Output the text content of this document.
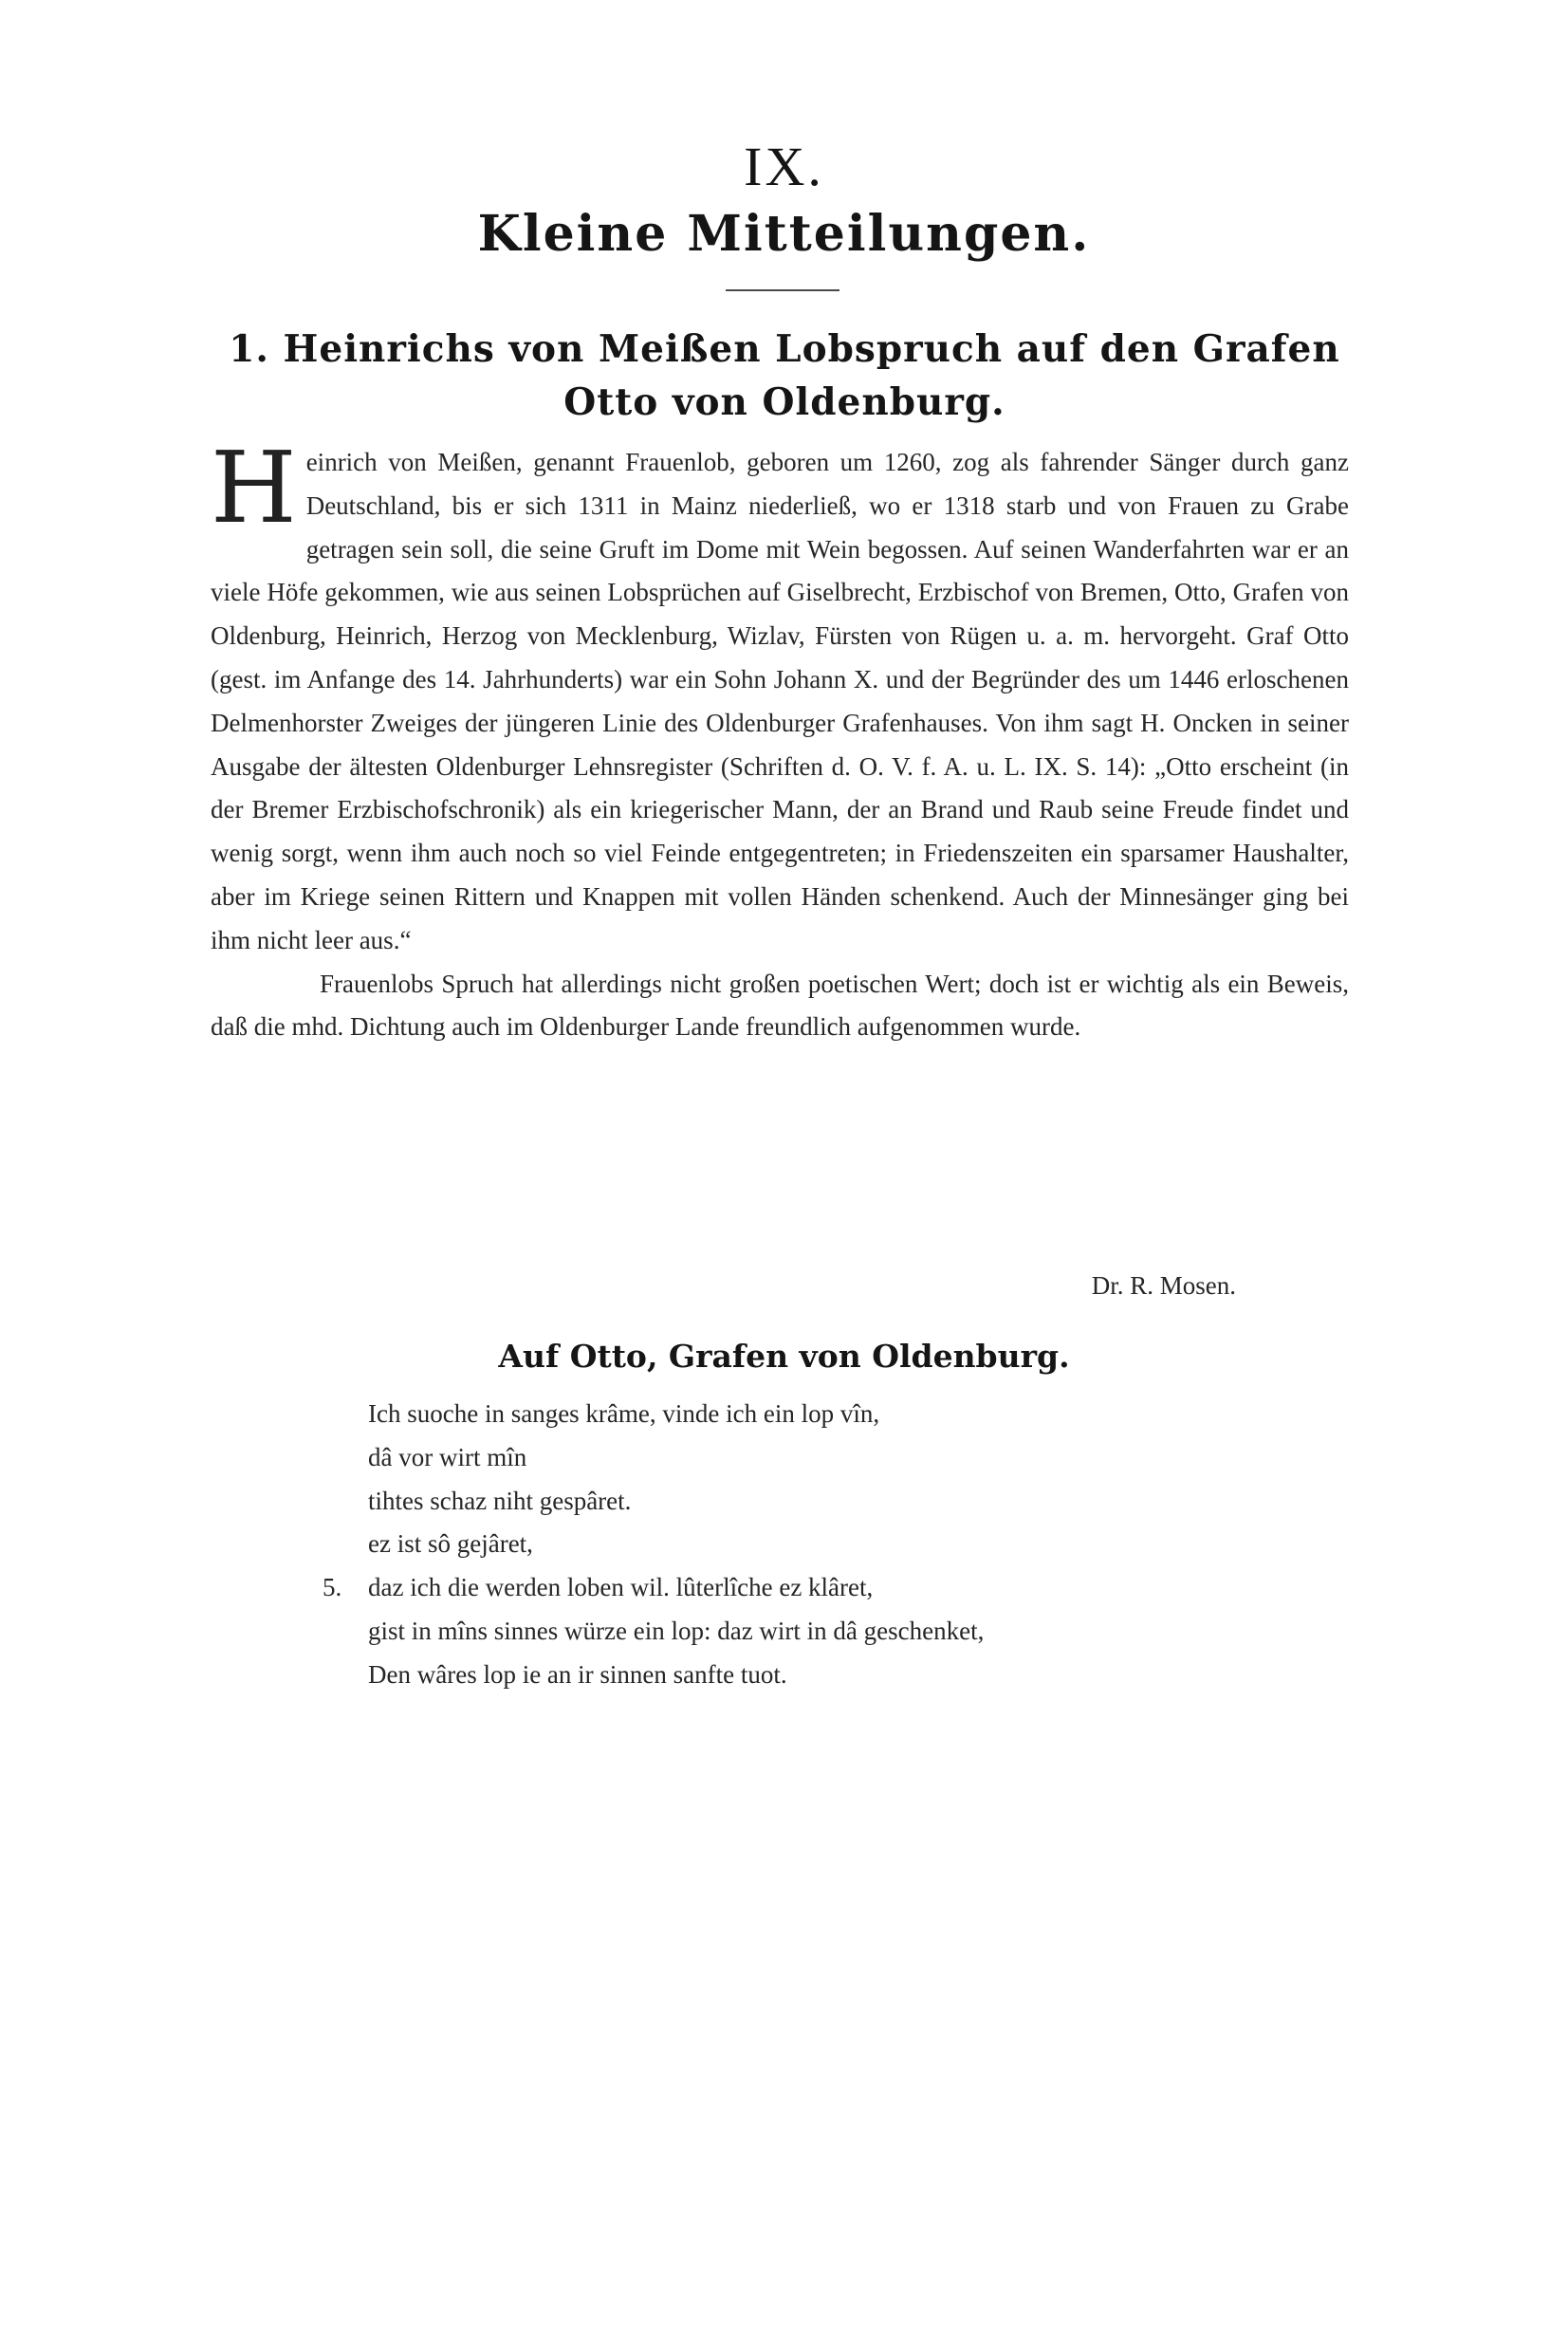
IX.
Kleine Mitteilungen.
1. Heinrichs von Meißen Lobspruch auf den Grafen
Otto von Oldenburg.

Heinrich von Meißen, genannt Frauenlob, geboren um 1260, zog als fahrender Sänger durch ganz Deutschland, bis er sich 1311 in Mainz niederließ, wo er 1318 starb und von Frauen zu Grabe getragen sein soll, die seine Gruft im Dome mit Wein begossen. Auf seinen Wanderfahrten war er an viele Höfe gekommen, wie aus seinen Lobsprüchen auf Giselbrecht, Erzbischof von Bremen, Otto, Grafen von Oldenburg, Heinrich, Herzog von Mecklenburg, Wizlav, Fürsten von Rügen u. a. m. hervorgeht. Graf Otto (gest. im Anfange des 14. Jahrhunderts) war ein Sohn Johann X. und der Begründer des um 1446 erloschenen Delmenhorster Zweiges der jüngeren Linie des Oldenburger Grafenhauses. Von ihm sagt H. Oncken in seiner Ausgabe der ältesten Oldenburger Lehnsregister (Schriften d. O. V. f. A. u. L. IX. S. 14): „Otto erscheint (in der Bremer Erzbischofschronik) als ein kriegerischer Mann, der an Brand und Raub seine Freude findet und wenig sorgt, wenn ihm auch noch so viel Feinde entgegentreten; in Friedenszeiten ein sparsamer Haushalter, aber im Kriege seinen Rittern und Knappen mit vollen Händen schenkend. Auch der Minnesänger ging bei ihm nicht leer aus.“

Frauenlobs Spruch hat allerdings nicht großen poetischen Wert; doch ist er wichtig als ein Beweis, daß die mhd. Dichtung auch im Oldenburger Lande freundlich aufgenommen wurde.

Dr. R. Mosen.
Auf Otto, Grafen von Oldenburg.
Ich suoche in sanges krâme, vinde ich ein lop vîn,
dâ vor wirt mîn
tihtes schaz niht gespâret.
ez ist sô gejâret,
5. daz ich die werden loben wil. lûterlîche ez klâret,
gist in mîns sinnes würze ein lop: daz wirt in dâ geschenket,
Den wâres lop ie an ir sinnen sanfte tuot.
